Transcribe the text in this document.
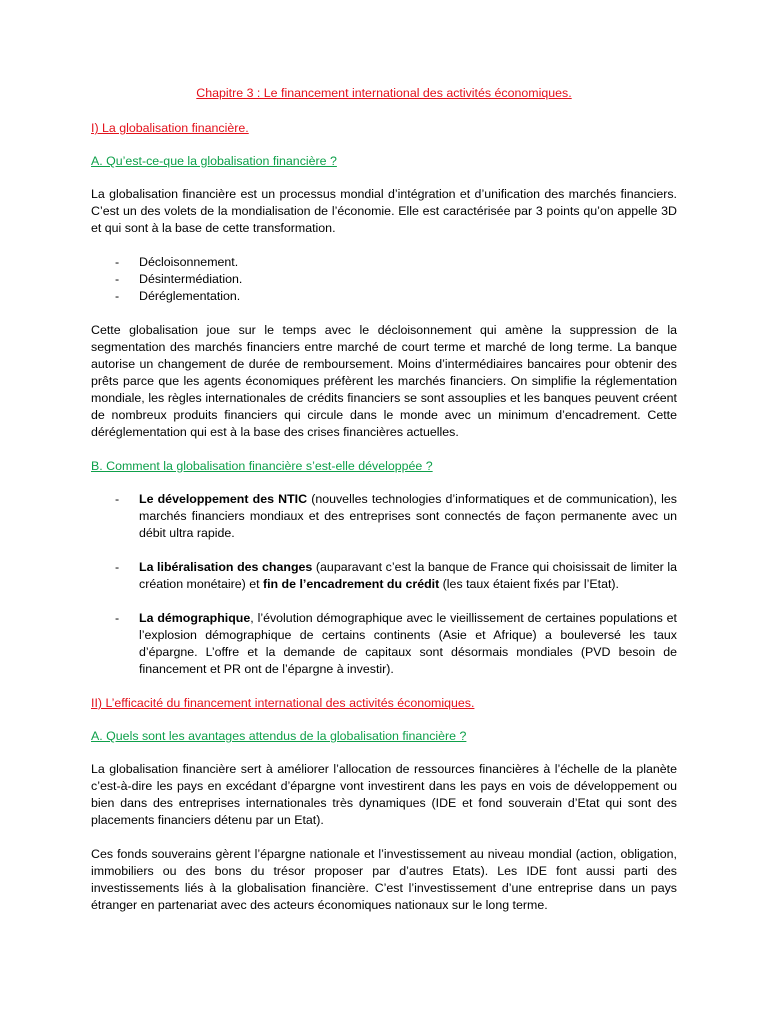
Chapitre 3 : Le financement international des activités économiques.
I) La globalisation financière.
A. Qu’est-ce-que la globalisation financière ?

La globalisation financière est un processus mondial d’intégration et d’unification des marchés financiers. C’est un des volets de la mondialisation de l’économie. Elle est caractérisée par 3 points qu’on appelle 3D et qui sont à la base de cette transformation.

- Décloisonnement.
- Désintermédiation.
- Déréglementation.

Cette globalisation joue sur le temps avec le décloisonnement qui amène la suppression de la segmentation des marchés financiers entre marché de court terme et marché de long terme. La banque autorise un changement de durée de remboursement. Moins d’intermédiaires bancaires pour obtenir des prêts parce que les agents économiques préfèrent les marchés financiers. On simplifie la réglementation mondiale, les règles internationales de crédits financiers se sont assouplies et les banques peuvent créent de nombreux produits financiers qui circule dans le monde avec un minimum d’encadrement. Cette déréglementation qui est à la base des crises financières actuelles.

B. Comment la globalisation financière s’est-elle développée ?
- Le développement des NTIC (nouvelles technologies d’informatiques et de communication), les marchés financiers mondiaux et des entreprises sont connectés de façon permanente avec un débit ultra rapide.
- La libéralisation des changes (auparavant c’est la banque de France qui choisissait de limiter la création monétaire) et fin de l’encadrement du crédit (les taux étaient fixés par l’Etat).
- La démographique, l’évolution démographique avec le vieillissement de certaines populations et l’explosion démographique de certains continents (Asie et Afrique) a bouleversé les taux d’épargne. L’offre et la demande de capitaux sont désormais mondiales (PVD besoin de financement et PR ont de l’épargne à investir).
II) L’efficacité du financement international des activités économiques.
A. Quels sont les avantages attendus de la globalisation financière ?

La globalisation financière sert à améliorer l’allocation de ressources financières à l’échelle de la planète c’est-à-dire les pays en excédant d’épargne vont investirent dans les pays en vois de développement ou bien dans des entreprises internationales très dynamiques (IDE et fond souverain d’Etat qui sont des placements financiers détenu par un Etat).

Ces fonds souverains gèrent l’épargne nationale et l’investissement au niveau mondial (action, obligation, immobiliers ou des bons du trésor proposer par d’autres Etats). Les IDE font aussi parti des investissements liés à la globalisation financière. C’est l’investissement d’une entreprise dans un pays étranger en partenariat avec des acteurs économiques nationaux sur le long terme.
